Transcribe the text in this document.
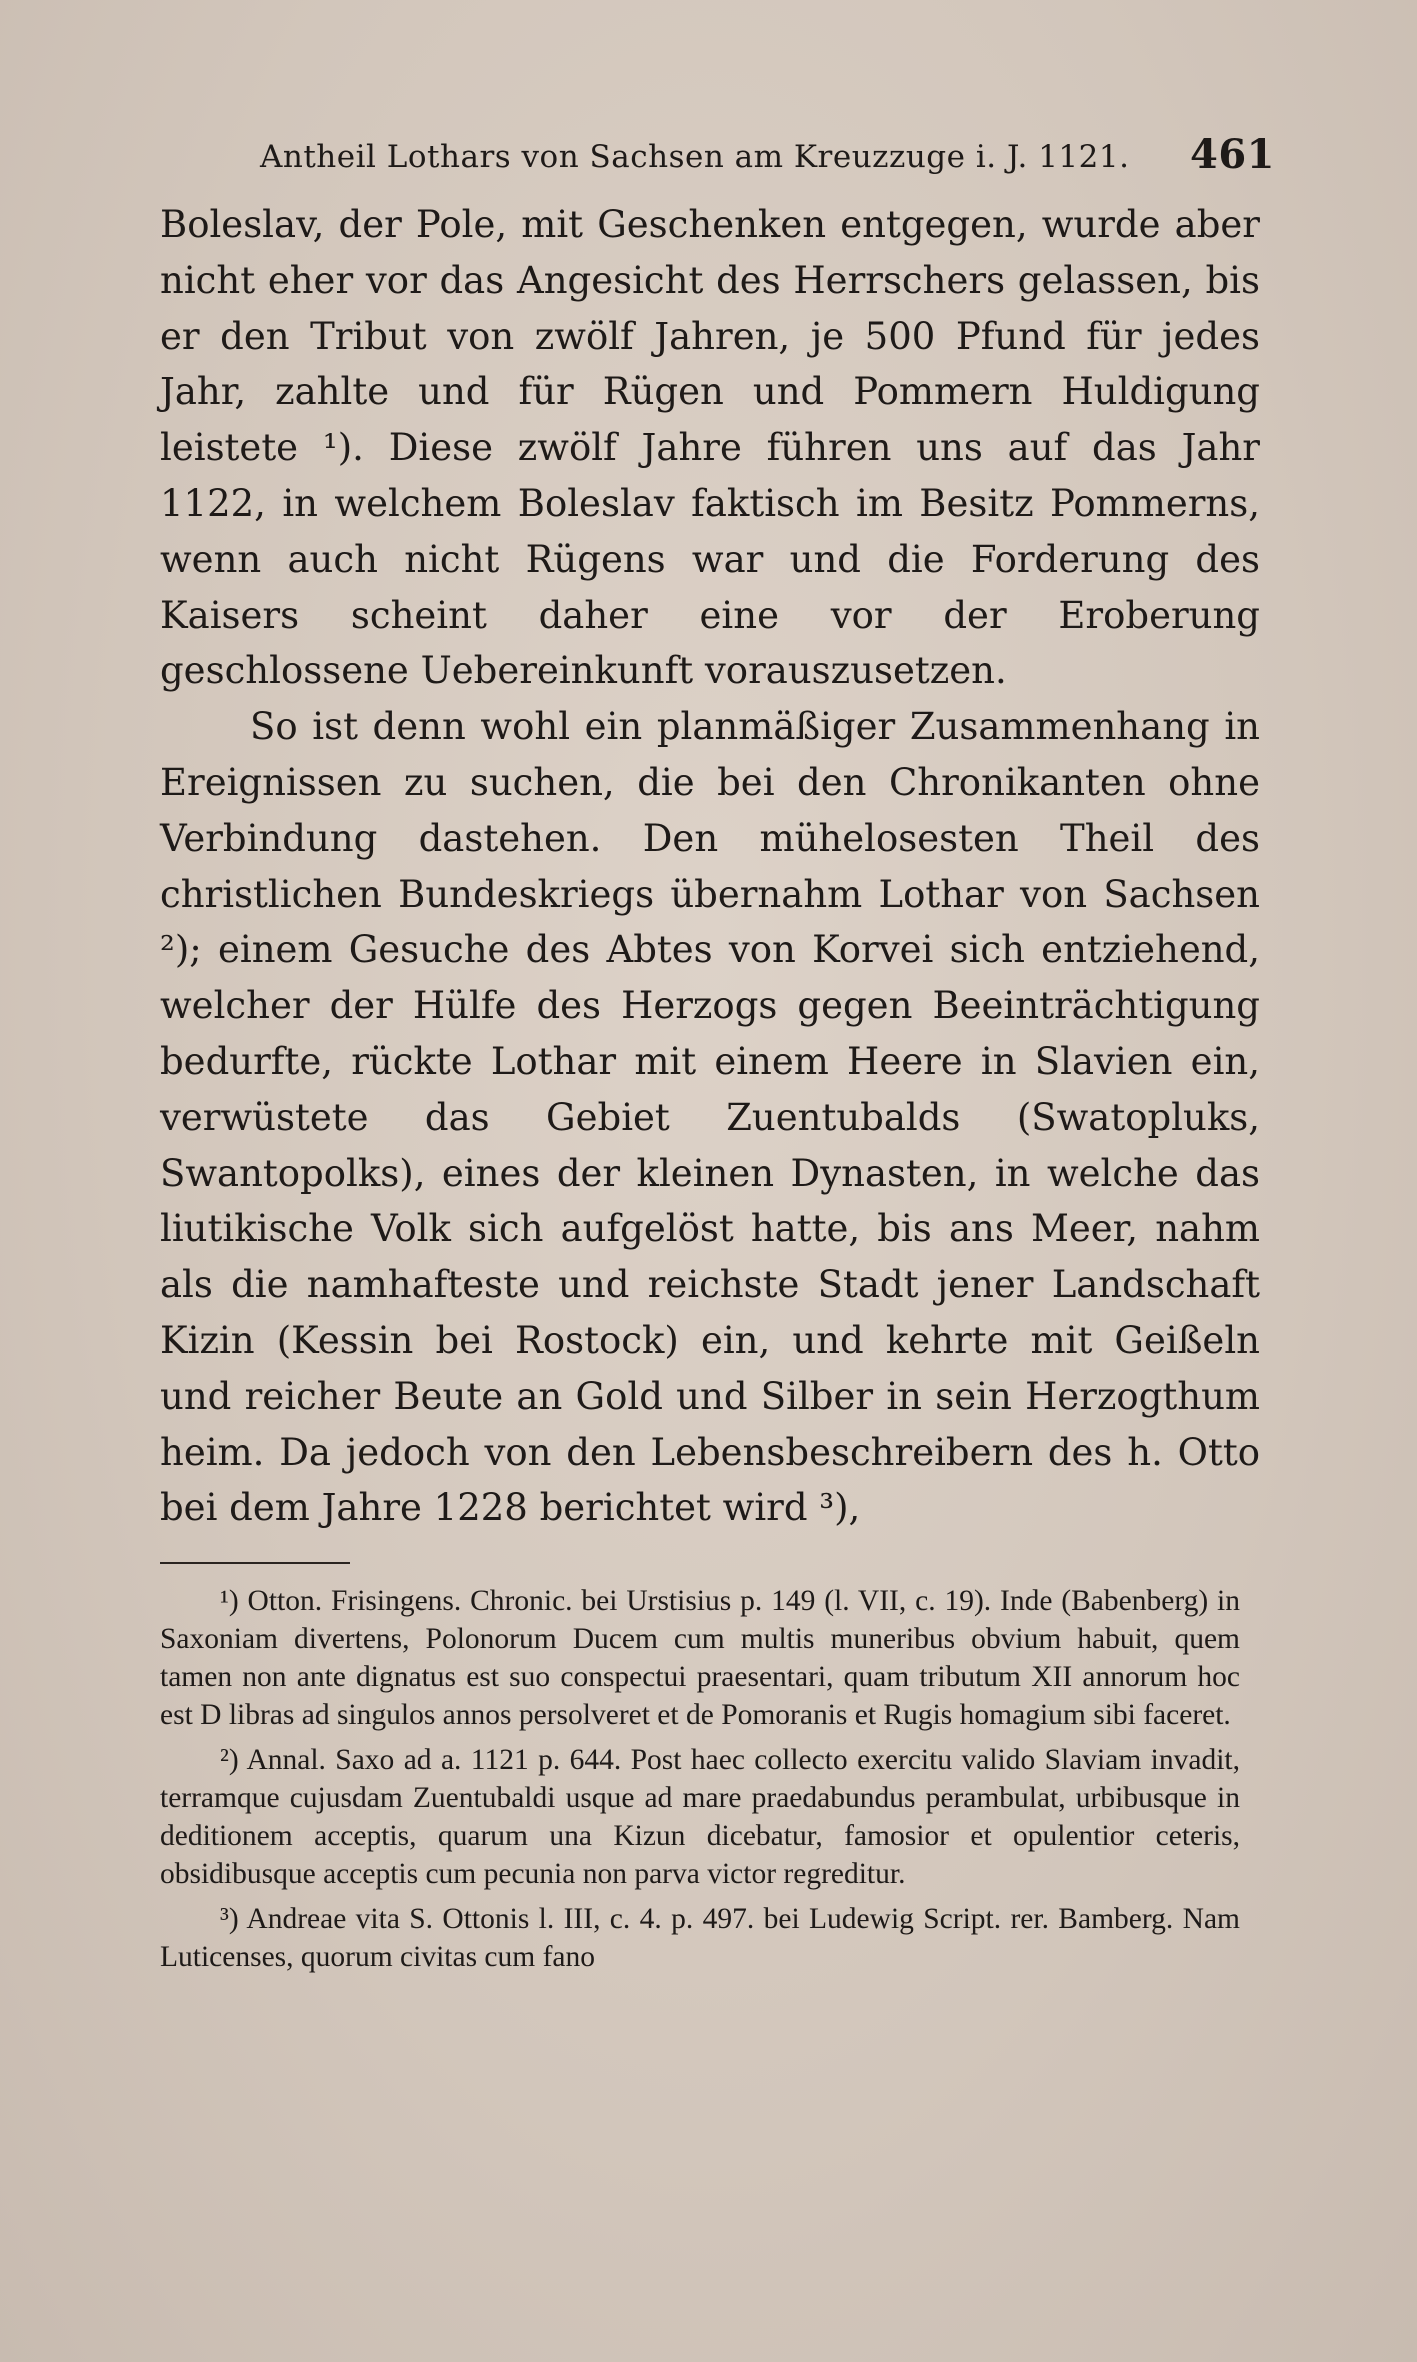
Antheil Lothars von Sachsen am Kreuzzuge i. J. 1121. 461

Boleslav, der Pole, mit Geschenken entgegen, wurde aber nicht eher vor das Angesicht des Herrschers gelassen, bis er den Tribut von zwölf Jahren, je 500 Pfund für jedes Jahr, zahlte und für Rügen und Pommern Huldigung leistete ¹). Diese zwölf Jahre führen uns auf das Jahr 1122, in welchem Boleslav faktisch im Besitz Pommerns, wenn auch nicht Rügens war und die Forderung des Kaisers scheint daher eine vor der Eroberung geschlossene Uebereinkunft vorauszusetzen.

So ist denn wohl ein planmäßiger Zusammenhang in Ereignissen zu suchen, die bei den Chronikanten ohne Verbindung dastehen. Den mühelosesten Theil des christlichen Bundeskriegs übernahm Lothar von Sachsen ²); einem Gesuche des Abtes von Korvei sich entziehend, welcher der Hülfe des Herzogs gegen Beeinträchtigung bedurfte, rückte Lothar mit einem Heere in Slavien ein, verwüstete das Gebiet Zuentubalds (Swatopluks, Swantopolks), eines der kleinen Dynasten, in welche das liutikische Volk sich aufgelöst hatte, bis ans Meer, nahm als die namhafteste und reichste Stadt jener Landschaft Kizin (Kessin bei Rostock) ein, und kehrte mit Geißeln und reicher Beute an Gold und Silber in sein Herzogthum heim. Da jedoch von den Lebensbeschreibern des h. Otto bei dem Jahre 1228 berichtet wird ³),

¹) Otton. Frisingens. Chronic. bei Urstisius p. 149 (l. VII, c. 19). Inde (Babenberg) in Saxoniam divertens, Polonorum Ducem cum multis muneribus obvium habuit, quem tamen non ante dignatus est suo conspectui praesentari, quam tributum XII annorum hoc est D libras ad singulos annos persolveret et de Pomoranis et Rugis homagium sibi faceret.

²) Annal. Saxo ad a. 1121 p. 644. Post haec collecto exercitu valido Slaviam invadit, terramque cujusdam Zuentubaldi usque ad mare praedabundus perambulat, urbibusque in deditionem acceptis, quarum una Kizun dicebatur, famosior et opulentior ceteris, obsidibusque acceptis cum pecunia non parva victor regreditur.

³) Andreae vita S. Ottonis l. III, c. 4. p. 497. bei Ludewig Script. rer. Bamberg. Nam Luticenses, quorum civitas cum fano
